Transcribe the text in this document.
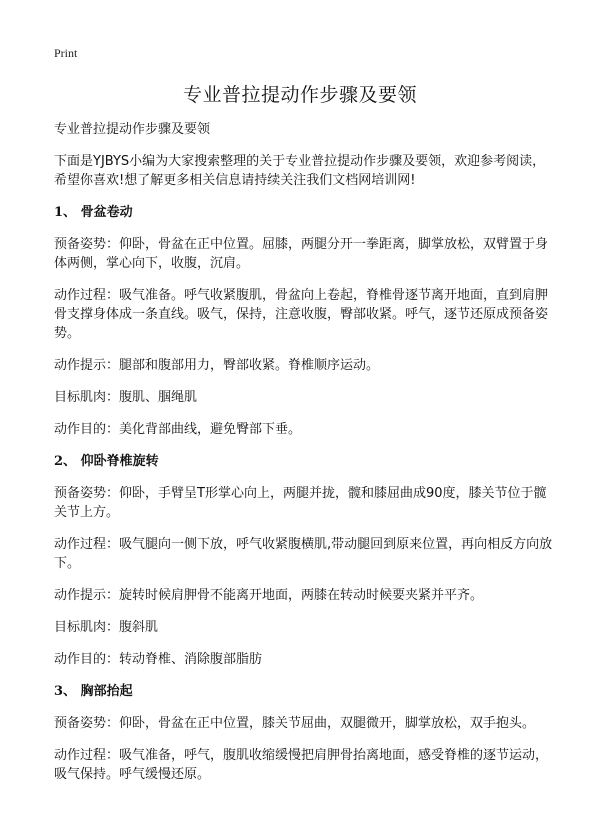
Print
专业普拉提动作步骤及要领

专业普拉提动作步骤及要领

下面是YJBYS小编为大家搜索整理的关于专业普拉提动作步骤及要领，欢迎参考阅读，希望你喜欢!想了解更多相关信息请持续关注我们文档网培训网!

1、 骨盆卷动

预备姿势：仰卧，骨盆在正中位置。屈膝，两腿分开一拳距离，脚掌放松，双臂置于身体两侧，掌心向下，收腹，沉肩。

动作过程：吸气准备。呼气收紧腹肌，骨盆向上卷起，脊椎骨逐节离开地面，直到肩胛骨支撑身体成一条直线。吸气，保持，注意收腹，臀部收紧。呼气，逐节还原成预备姿势。

动作提示：腿部和腹部用力，臀部收紧。脊椎顺序运动。

目标肌肉：腹肌、腘绳肌

动作目的：美化背部曲线，避免臀部下垂。

2、 仰卧脊椎旋转

预备姿势：仰卧，手臂呈T形掌心向上，两腿并拢，髋和膝屈曲成90度，膝关节位于髋关节上方。

动作过程：吸气腿向一侧下放，呼气收紧腹横肌,带动腿回到原来位置，再向相反方向放下。

动作提示：旋转时候肩胛骨不能离开地面，两膝在转动时候要夹紧并平齐。

目标肌肉：腹斜肌

动作目的：转动脊椎、消除腹部脂肪

3、 胸部抬起

预备姿势：仰卧，骨盆在正中位置，膝关节屈曲，双腿微开，脚掌放松，双手抱头。

动作过程：吸气准备，呼气，腹肌收缩缓慢把肩胛骨抬离地面，感受脊椎的逐节运动，吸气保持。呼气缓慢还原。
